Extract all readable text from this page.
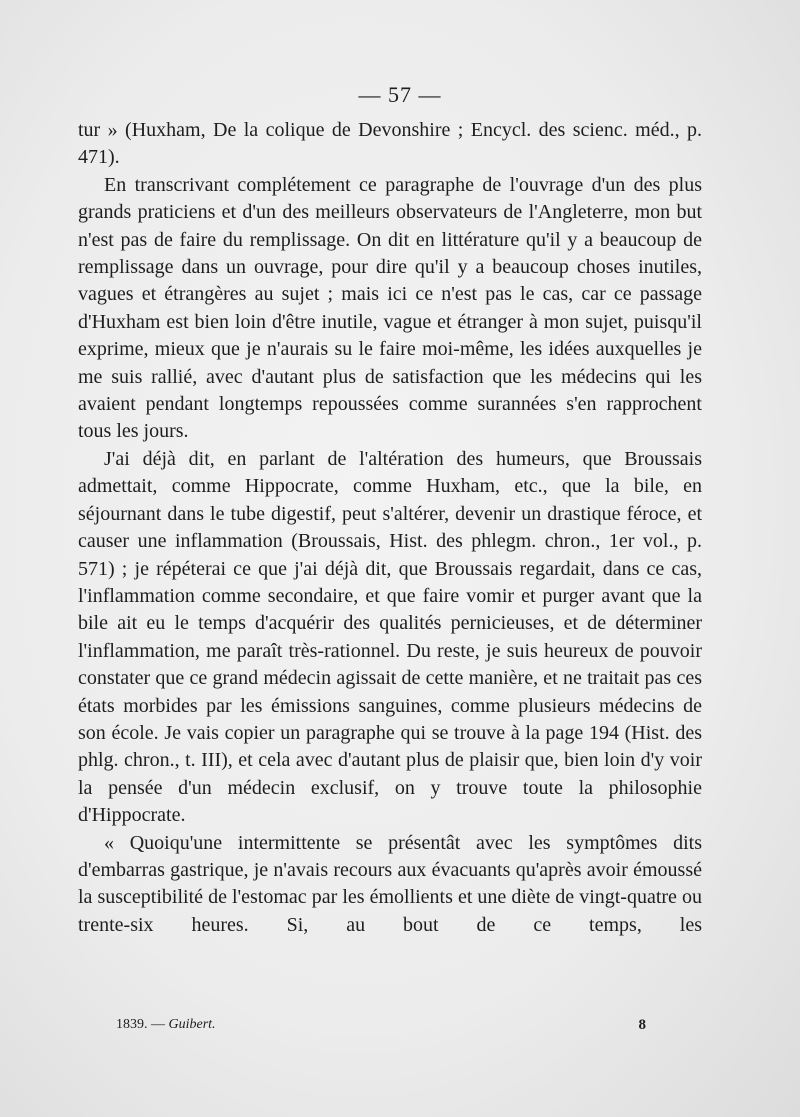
— 57 —

tur » (Huxham, De la colique de Devonshire ; Encycl. des scienc. méd., p. 471).

En transcrivant complétement ce paragraphe de l'ouvrage d'un des plus grands praticiens et d'un des meilleurs observateurs de l'Angleterre, mon but n'est pas de faire du remplissage. On dit en littérature qu'il y a beaucoup de remplissage dans un ouvrage, pour dire qu'il y a beaucoup choses inutiles, vagues et étrangères au sujet ; mais ici ce n'est pas le cas, car ce passage d'Huxham est bien loin d'être inutile, vague et étranger à mon sujet, puisqu'il exprime, mieux que je n'aurais su le faire moi-même, les idées auxquelles je me suis rallié, avec d'autant plus de satisfaction que les médecins qui les avaient pendant longtemps repoussées comme surannées s'en rapprochent tous les jours.

J'ai déjà dit, en parlant de l'altération des humeurs, que Broussais admettait, comme Hippocrate, comme Huxham, etc., que la bile, en séjournant dans le tube digestif, peut s'altérer, devenir un drastique féroce, et causer une inflammation (Broussais, Hist. des phlegm. chron., 1er vol., p. 571) ; je répéterai ce que j'ai déjà dit, que Broussais regardait, dans ce cas, l'inflammation comme secondaire, et que faire vomir et purger avant que la bile ait eu le temps d'acquérir des qualités pernicieuses, et de déterminer l'inflammation, me paraît très-rationnel. Du reste, je suis heureux de pouvoir constater que ce grand médecin agissait de cette manière, et ne traitait pas ces états morbides par les émissions sanguines, comme plusieurs médecins de son école. Je vais copier un paragraphe qui se trouve à la page 194 (Hist. des phlg. chron., t. III), et cela avec d'autant plus de plaisir que, bien loin d'y voir la pensée d'un médecin exclusif, on y trouve toute la philosophie d'Hippocrate.

« Quoiqu'une intermittente se présentât avec les symptômes dits d'embarras gastrique, je n'avais recours aux évacuants qu'après avoir émoussé la susceptibilité de l'estomac par les émollients et une diète de vingt-quatre ou trente-six heures. Si, au bout de ce temps, les

1839. — Guibert.	8
